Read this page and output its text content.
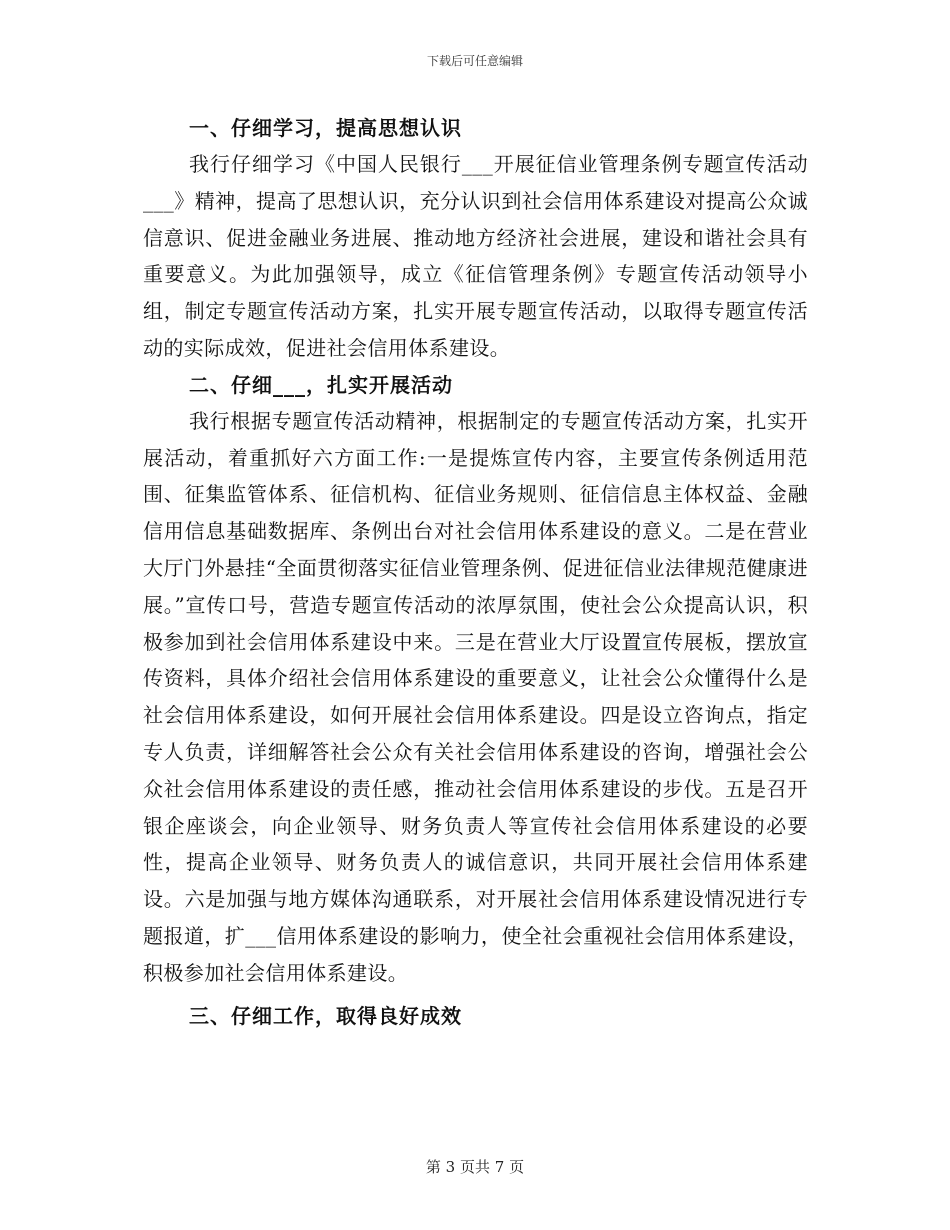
下载后可任意编辑

一、仔细学习，提高思想认识

我行仔细学习《中国人民银行___开展征信业管理条例专题宣传活动___》精神，提高了思想认识，充分认识到社会信用体系建设对提高公众诚信意识、促进金融业务进展、推动地方经济社会进展，建设和谐社会具有重要意义。为此加强领导，成立《征信管理条例》专题宣传活动领导小组，制定专题宣传活动方案，扎实开展专题宣传活动，以取得专题宣传活动的实际成效，促进社会信用体系建设。

二、仔细___，扎实开展活动

我行根据专题宣传活动精神，根据制定的专题宣传活动方案，扎实开展活动，着重抓好六方面工作:一是提炼宣传内容，主要宣传条例适用范围、征集监管体系、征信机构、征信业务规则、征信信息主体权益、金融信用信息基础数据库、条例出台对社会信用体系建设的意义。二是在营业大厅门外悬挂“全面贯彻落实征信业管理条例、促进征信业法律规范健康进展。”宣传口号，营造专题宣传活动的浓厚氛围，使社会公众提高认识，积极参加到社会信用体系建设中来。三是在营业大厅设置宣传展板，摆放宣传资料，具体介绍社会信用体系建设的重要意义，让社会公众懂得什么是社会信用体系建设，如何开展社会信用体系建设。四是设立咨询点，指定专人负责，详细解答社会公众有关社会信用体系建设的咨询，增强社会公众社会信用体系建设的责任感，推动社会信用体系建设的步伐。五是召开银企座谈会，向企业领导、财务负责人等宣传社会信用体系建设的必要性，提高企业领导、财务负责人的诚信意识，共同开展社会信用体系建设。六是加强与地方媒体沟通联系，对开展社会信用体系建设情况进行专题报道，扩___信用体系建设的影响力，使全社会重视社会信用体系建设，积极参加社会信用体系建设。

三、仔细工作，取得良好成效

第 3 页共 7 页
